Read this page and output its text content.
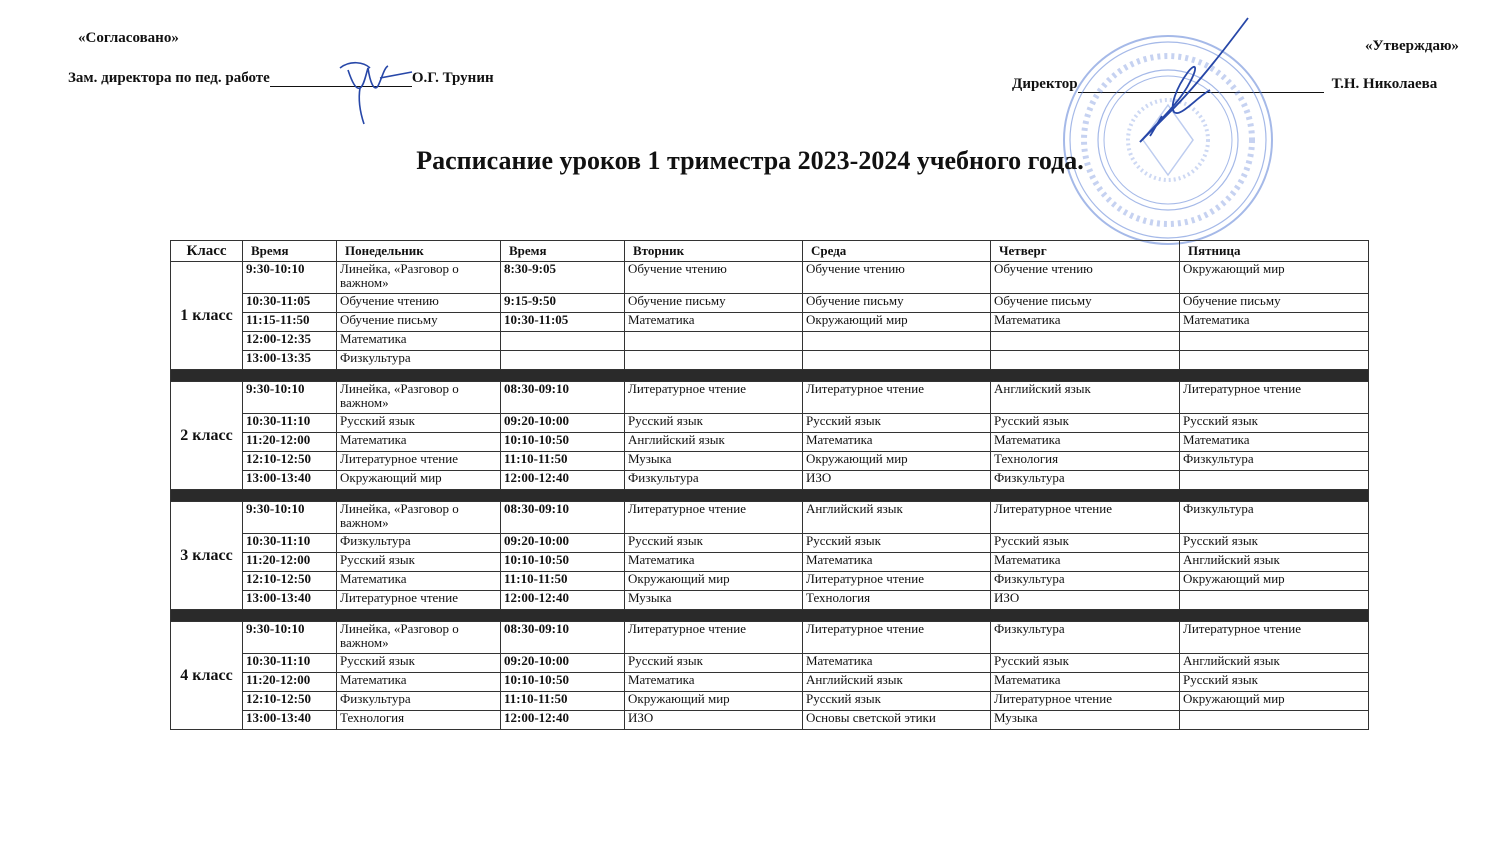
«Согласовано»
Зам. директора по пед. работе	О.Г. Трунин
«Утверждаю»
Директор	Т.Н. Николаева
Расписание уроков 1 триместра 2023-2024 учебного года.
Класс	Время	Понедельник	Время	Вторник	Среда	Четверг	Пятница
1 класс	9:30-10:10	Линейка, «Разговор о важном»	8:30-9:05	Обучение чтению	Обучение чтению	Обучение чтению	Окружающий мир
	10:30-11:05	Обучение чтению	9:15-9:50	Обучение письму	Обучение письму	Обучение письму	Обучение письму
	11:15-11:50	Обучение письму	10:30-11:05	Математика	Окружающий мир	Математика	Математика
	12:00-12:35	Математика					
	13:00-13:35	Физкультура					

2 класс	9:30-10:10	Линейка, «Разговор о важном»	08:30-09:10	Литературное чтение	Литературное чтение	Английский язык	Литературное чтение
	10:30-11:10	Русский язык	09:20-10:00	Русский язык	Русский язык	Русский язык	Русский язык
	11:20-12:00	Математика	10:10-10:50	Английский язык	Математика	Математика	Математика
	12:10-12:50	Литературное чтение	11:10-11:50	Музыка	Окружающий мир	Технология	Физкультура
	13:00-13:40	Окружающий мир	12:00-12:40	Физкультура	ИЗО	Физкультура	

3 класс	9:30-10:10	Линейка, «Разговор о важном»	08:30-09:10	Литературное чтение	Английский язык	Литературное чтение	Физкультура
	10:30-11:10	Физкультура	09:20-10:00	Русский язык	Русский язык	Русский язык	Русский язык
	11:20-12:00	Русский язык	10:10-10:50	Математика	Математика	Математика	Английский язык
	12:10-12:50	Математика	11:10-11:50	Окружающий мир	Литературное чтение	Физкультура	Окружающий мир
	13:00-13:40	Литературное чтение	12:00-12:40	Музыка	Технология	ИЗО	

4 класс	9:30-10:10	Линейка, «Разговор о важном»	08:30-09:10	Литературное чтение	Литературное чтение	Физкультура	Литературное чтение
	10:30-11:10	Русский язык	09:20-10:00	Русский язык	Математика	Русский язык	Английский язык
	11:20-12:00	Математика	10:10-10:50	Математика	Английский язык	Математика	Русский язык
	12:10-12:50	Физкультура	11:10-11:50	Окружающий мир	Русский язык	Литературное чтение	Окружающий мир
	13:00-13:40	Технология	12:00-12:40	ИЗО	Основы светской этики	Музыка	
